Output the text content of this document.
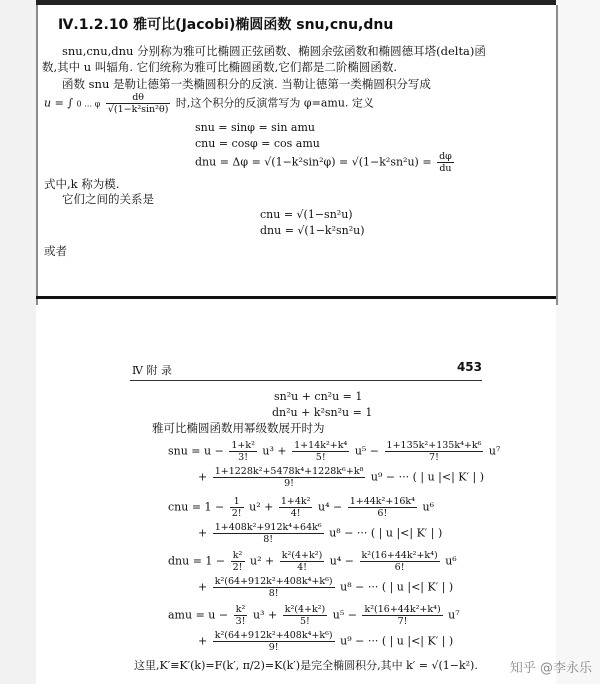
Ⅳ.1.2.10 雅可比(Jacobi)椭圆函数 snu,cnu,dnu
snu,cnu,dnu 分别称为雅可比椭圆正弦函数、椭圆余弦函数和椭圆德耳塔(delta)函
数,其中 u 叫辐角. 它们统称为雅可比椭圆函数,它们都是二阶椭圆函数.
函数 snu 是勒让德第一类椭圆积分的反演. 当勒让德第一类椭圆积分写成
u = ∫ 0 … φ $\frac{d\theta}{\text{√(1−k²sin²θ)}}$ 时,这个积分的反演常写为 φ=amu. 定义
snu = sinφ = sin amu
cnu = cosφ = cos amu
dnu = $\Delta\varphi = √(1-k^2\sin^2\varphi) = √(1-k^2sn^2u) = \frac{d\varphi}{du}$
式中,k 称为模.
它们之间的关系是
cnu = √(1−sn²u)
dnu = √(1−k²sn²u)
或者
Ⅳ 附 录	453
sn²u + cn²u = 1
dn²u + k²sn²u = 1
雅可比椭圆函数用幂级数展开时为
snu = $u - \frac{\text{1+k²}}{3!} u^3 + \frac{\text{1+14k²+k⁴}}{5!} u^5 - \frac{\text{1+135k²+135k⁴+k⁶}}{7!} u^7$
+ $\frac{\text{1+1228k²+5478k⁴+1228k⁶+k⁸}}{9!} u^9$ − ··· ( | u |<| K′ | )
cnu = $1 - \frac{1}{2!} u^2 + \frac{\text{1+4k²}}{4!} u^4 - \frac{\text{1+44k²+16k⁴}}{6!} u^6$
+ $\frac{\text{1+408k²+912k⁴+64k⁶}}{8!} u^8$ − ··· ( | u |<| K′ | )
dnu = $1 - \frac{\text{k²}}{2!} u^2 + \frac{\text{k²(4+k²)}}{4!} u^4 - \frac{\text{k²(16+44k²+k⁴)}}{6!} u^6$
+ $\frac{\text{k²(64+912k²+408k⁴+k⁶)}}{8!} u^8$ − ··· ( | u |<| K′ | )
amu = $u - \frac{\text{k²}}{3!} u^3 + \frac{\text{k²(4+k²)}}{5!} u^5 - \frac{\text{k²(16+44k²+k⁴)}}{7!} u^7$
+ $\frac{\text{k²(64+912k²+408k⁴+k⁶)}}{9!} u^9$ − ··· ( | u |<| K′ | )
这里,K′≡K′(k)=F(k′, π/2)=K(k′)是完全椭圆积分,其中 k′ = √(1−k²). 知乎 @李永乐
